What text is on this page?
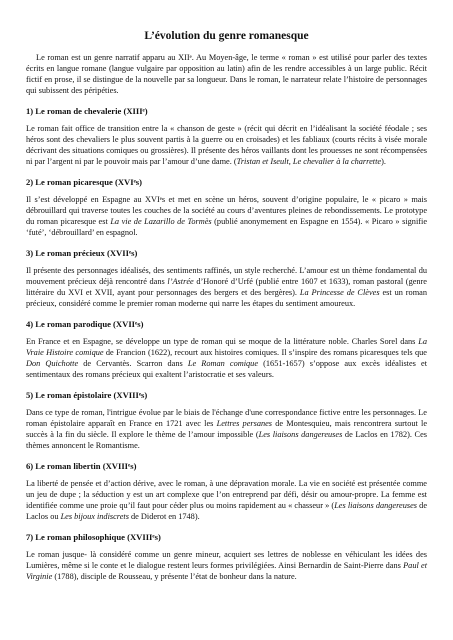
L’évolution du genre romanesque

Le roman est un genre narratif apparu au XIIᵉ. Au Moyen-âge, le terme « roman » est utilisé pour parler des textes écrits en langue romane (langue vulgaire par opposition au latin) afin de les rendre accessibles à un large public. Récit fictif en prose, il se distingue de la nouvelle par sa longueur. Dans le roman, le narrateur relate l’histoire de personnages qui subissent des péripéties.

1) Le roman de chevalerie (XIIIᵉ)

Le roman fait office de transition entre la « chanson de geste » (récit qui décrit en l’idéalisant la société féodale ; ses héros sont des chevaliers le plus souvent partis à la guerre ou en croisades) et les fabliaux (courts récits à visée morale décrivant des situations comiques ou grossières). Il présente des héros vaillants dont les prouesses ne sont récompensées ni par l’argent ni par le pouvoir mais par l’amour d’une dame. (Tristan et Iseult, Le chevalier à la charrette).

2) Le roman picaresque (XVIᵉs)

Il s’est développé en Espagne au XVIᵉs et met en scène un héros, souvent d’origine populaire, le « picaro » mais débrouillard qui traverse toutes les couches de la société au cours d’aventures pleines de rebondissements. Le prototype du roman picaresque est La vie de Lazarillo de Tormès (publié anonymement en Espagne en 1554). « Picaro » signifie ‘futé’, ‘débrouillard’ en espagnol.

3) Le roman précieux (XVIIᵉs)

Il présente des personnages idéalisés, des sentiments raffinés, un style recherché. L’amour est un thème fondamental du mouvement précieux déjà rencontré dans l’Astrée d’Honoré d’Urfé (publié entre 1607 et 1633), roman pastoral (genre littéraire du XVI et XVII, ayant pour personnages des bergers et des bergères). La Princesse de Clèves est un roman précieux, considéré comme le premier roman moderne qui narre les étapes du sentiment amoureux.

4) Le roman parodique (XVIIᵉs)

En France et en Espagne, se développe un type de roman qui se moque de la littérature noble. Charles Sorel dans La Vraie Histoire comique de Francion (1622), recourt aux histoires comiques. Il s’inspire des romans picaresques tels que Don Quichotte de Cervantès. Scarron dans Le Roman comique (1651-1657) s’oppose aux excès idéalistes et sentimentaux des romans précieux qui exaltent l’aristocratie et ses valeurs.

5) Le roman épistolaire (XVIIIᵉs)

Dans ce type de roman, l'intrigue évolue par le biais de l'échange d'une correspondance fictive entre les personnages. Le roman épistolaire apparaît en France en 1721 avec les Lettres persanes de Montesquieu, mais rencontrera surtout le succès à la fin du siècle. Il explore le thème de l’amour impossible (Les liaisons dangereuses de Laclos en 1782). Ces thèmes annoncent le Romantisme.

6) Le roman libertin (XVIIIᵉs)

La liberté de pensée et d’action dérive, avec le roman, à une dépravation morale. La vie en société est présentée comme un jeu de dupe ; la séduction y est un art complexe que l’on entreprend par défi, désir ou amour-propre. La femme est identifiée comme une proie qu’il faut pour céder plus ou moins rapidement au « chasseur » (Les liaisons dangereuses de Laclos ou Les bijoux indiscrets de Diderot en 1748).

7) Le roman philosophique (XVIIIᵉs)

Le roman jusque- là considéré comme un genre mineur, acquiert ses lettres de noblesse en véhiculant les idées des Lumières, même si le conte et le dialogue restent leurs formes privilégiées. Ainsi Bernardin de Saint-Pierre dans Paul et Virginie (1788), disciple de Rousseau, y présente l’état de bonheur dans la nature.
